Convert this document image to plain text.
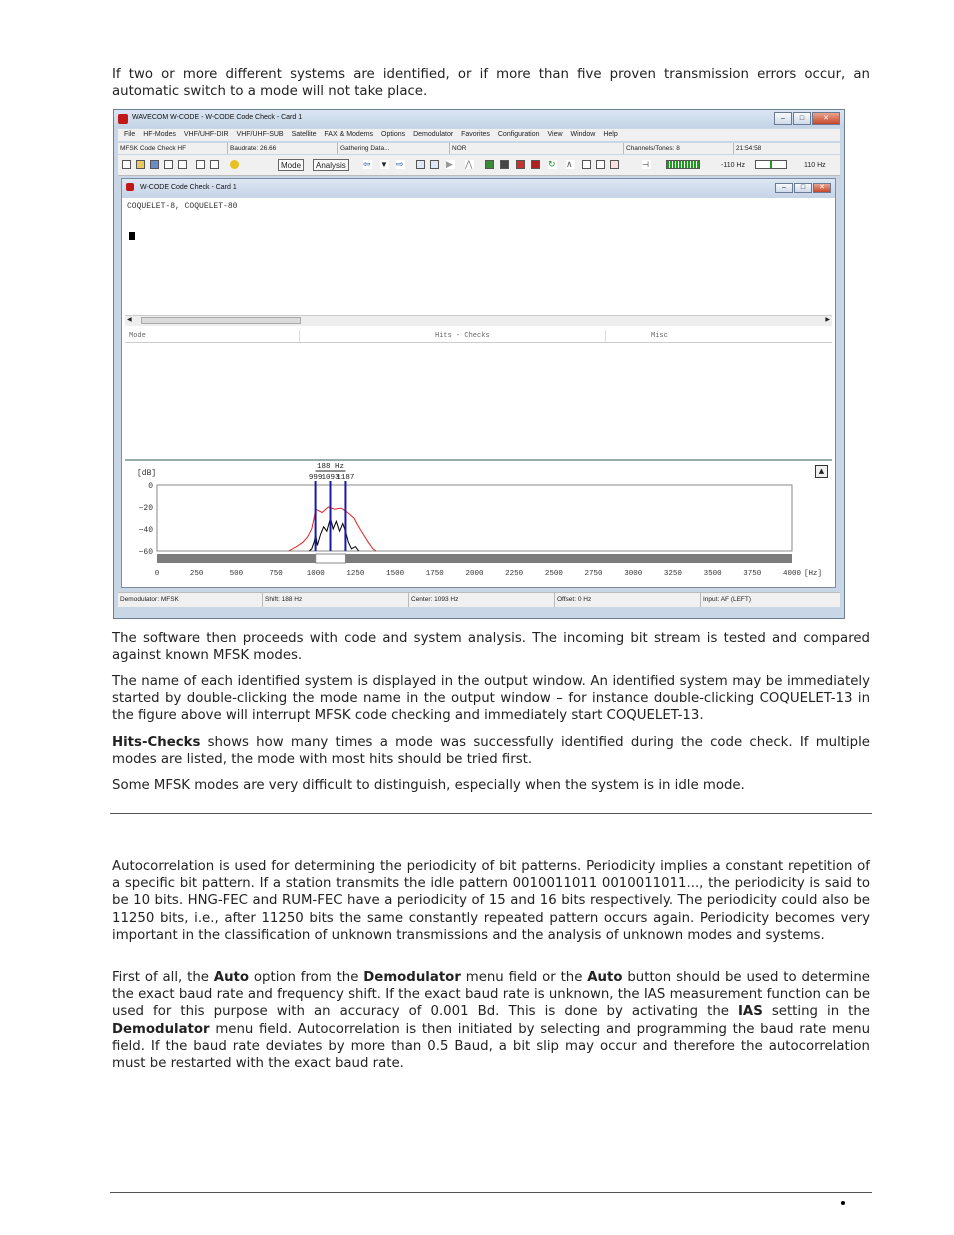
If two or more different systems are identified, or if more than five proven transmission errors occur, an automatic switch to a mode will not take place.

WAVECOM W-CODE - W-CODE Code Check - Card 1	–	□	✕
File HF-Modes VHF/UHF-DIR VHF/UHF-SUB Satellite FAX & Modems Options Demodulator Favorites Configuration View Window Help
MFSK Code Check HF	Baudrate: 26.66	Gathering Data...	NOR	Channels/Tones: 8	21:54:58
Mode	Analysis	⇦ ▼ ⇨	▶ ⋀	↻ ∧	⊣	-110 Hz	110 Hz
W-CODE Code Check - Card 1	–	□	✕
COQUELET-8, COQUELET-80
◀	▶
Mode	Hits - Checks	Misc
[dB]
0
−20
−40
−60
0	250	500	750	1000	1250	1500	1750	2000	2250	2500	2750	3000	3250	3500	3750	4000 [Hz]
999 1093
1187
188 Hz	▲
Demodulator: MFSK	Shift: 188 Hz	Center: 1093 Hz	Offset: 0 Hz	Input: AF (LEFT)

The software then proceeds with code and system analysis. The incoming bit stream is tested and compared against known MFSK modes.

The name of each identified system is displayed in the output window. An identified system may be immediately started by double-clicking the mode name in the output window – for instance double-clicking COQUELET-13 in the figure above will interrupt MFSK code checking and immediately start COQUELET-13.

Hits-Checks shows how many times a mode was successfully identified during the code check. If multiple modes are listed, the mode with most hits should be tried first.

Some MFSK modes are very difficult to distinguish, especially when the system is in idle mode.

Autocorrelation is used for determining the periodicity of bit patterns. Periodicity implies a constant repetition of a specific bit pattern. If a station transmits the idle pattern 0010011011 0010011011..., the periodicity is said to be 10 bits. HNG-FEC and RUM-FEC have a periodicity of 15 and 16 bits respectively. The periodicity could also be 11250 bits, i.e., after 11250 bits the same constantly repeated pattern occurs again. Periodicity becomes very important in the classification of unknown transmissions and the analysis of unknown modes and systems.

First of all, the Auto option from the Demodulator menu field or the Auto button should be used to determine the exact baud rate and frequency shift. If the exact baud rate is unknown, the IAS measurement function can be used for this purpose with an accuracy of 0.001 Bd. This is done by activating the IAS setting in the Demodulator menu field. Autocorrelation is then initiated by selecting and programming the baud rate menu field. If the baud rate deviates by more than 0.5 Baud, a bit slip may occur and therefore the autocorrelation must be restarted with the exact baud rate.
